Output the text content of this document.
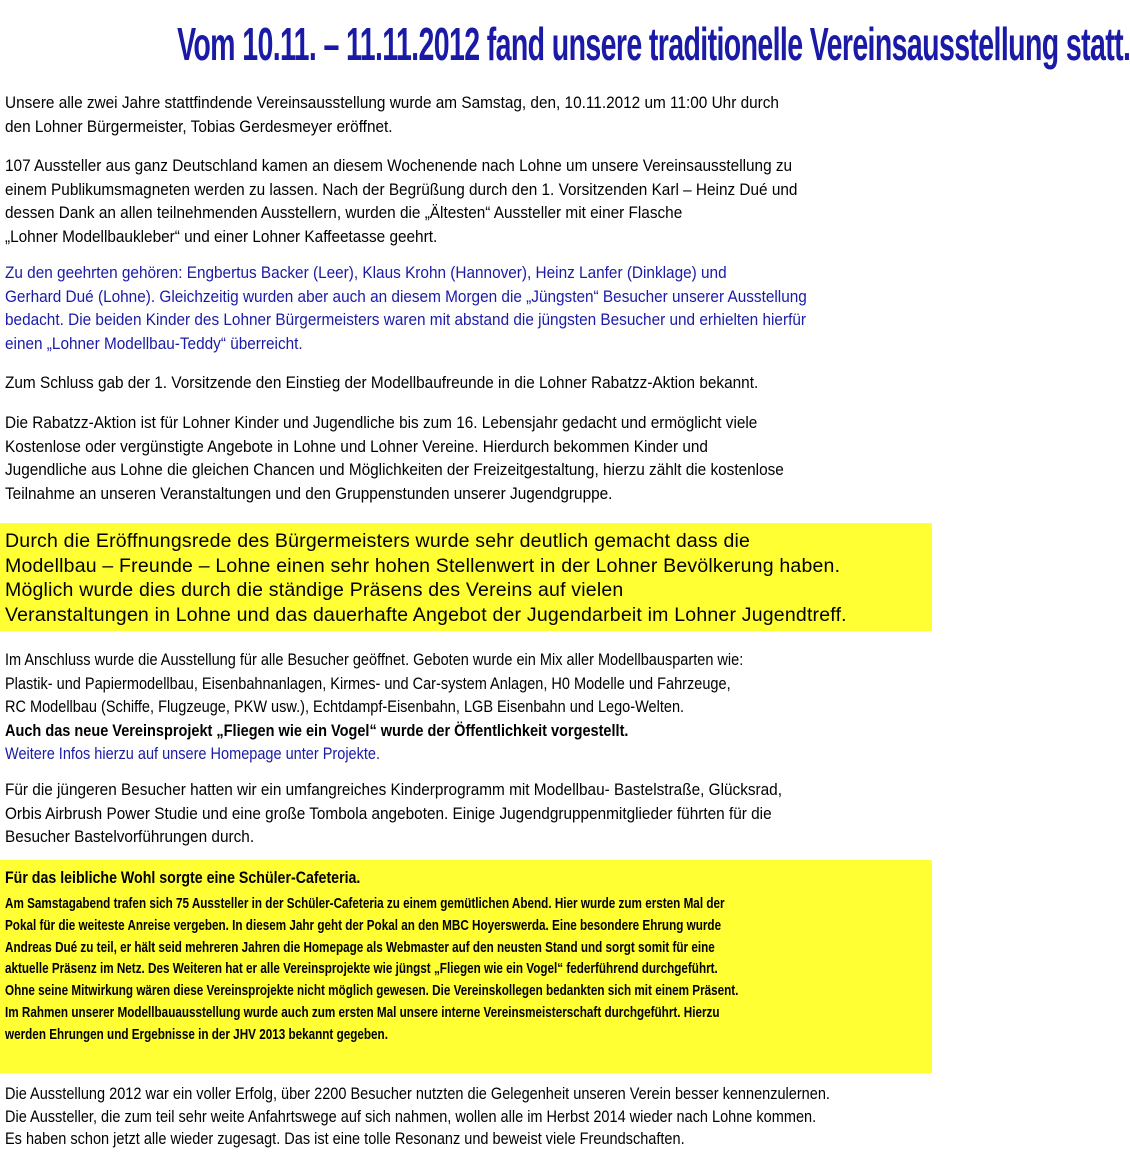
Vom 10.11. – 11.11.2012 fand unsere traditionelle Vereinsausstellung statt.
Unsere alle zwei Jahre stattfindende Vereinsausstellung wurde am Samstag, den, 10.11.2012 um 11:00 Uhr durch
den Lohner Bürgermeister, Tobias Gerdesmeyer eröffnet.
107 Aussteller aus ganz Deutschland kamen an diesem Wochenende nach Lohne um unsere Vereinsausstellung zu
einem Publikumsmagneten werden zu lassen. Nach der Begrüßung durch den 1. Vorsitzenden Karl – Heinz Dué und
dessen Dank an allen teilnehmenden Ausstellern, wurden die „Ältesten“ Aussteller mit einer Flasche
„Lohner Modellbaukleber“ und einer Lohner Kaffeetasse geehrt.
Zu den geehrten gehören: Engbertus Backer (Leer), Klaus Krohn (Hannover), Heinz Lanfer (Dinklage) und
Gerhard Dué (Lohne). Gleichzeitig wurden aber auch an diesem Morgen die „Jüngsten“ Besucher unserer Ausstellung
bedacht. Die beiden Kinder des Lohner Bürgermeisters waren mit abstand die jüngsten Besucher und erhielten hierfür
einen „Lohner Modellbau-Teddy“ überreicht.
Zum Schluss gab der 1. Vorsitzende den Einstieg der Modellbaufreunde in die Lohner Rabatzz-Aktion bekannt.
Die Rabatzz-Aktion ist für Lohner Kinder und Jugendliche bis zum 16. Lebensjahr gedacht und ermöglicht viele
Kostenlose oder vergünstigte Angebote in Lohne und Lohner Vereine. Hierdurch bekommen Kinder und
Jugendliche aus Lohne die gleichen Chancen und Möglichkeiten der Freizeitgestaltung, hierzu zählt die kostenlose
Teilnahme an unseren Veranstaltungen und den Gruppenstunden unserer Jugendgruppe.
Durch die Eröffnungsrede des Bürgermeisters wurde sehr deutlich gemacht dass die
Modellbau – Freunde – Lohne einen sehr hohen Stellenwert in der Lohner Bevölkerung haben.
Möglich wurde dies durch die ständige Präsens des Vereins auf vielen
Veranstaltungen in Lohne und das dauerhafte Angebot der Jugendarbeit im Lohner Jugendtreff.
Im Anschluss wurde die Ausstellung für alle Besucher geöffnet. Geboten wurde ein Mix aller Modellbausparten wie:
Plastik- und Papiermodellbau, Eisenbahnanlagen, Kirmes- und Car-system Anlagen, H0 Modelle und Fahrzeuge,
RC Modellbau (Schiffe, Flugzeuge, PKW usw.), Echtdampf-Eisenbahn, LGB Eisenbahn und Lego-Welten.
Auch das neue Vereinsprojekt „Fliegen wie ein Vogel“ wurde der Öffentlichkeit vorgestellt.
Weitere Infos hierzu auf unsere Homepage unter Projekte.
Für die jüngeren Besucher hatten wir ein umfangreiches Kinderprogramm mit Modellbau- Bastelstraße, Glücksrad,
Orbis Airbrush Power Studie und eine große Tombola angeboten. Einige Jugendgruppenmitglieder führten für die
Besucher Bastelvorführungen durch.
Für das leibliche Wohl sorgte eine Schüler-Cafeteria.
Am Samstagabend trafen sich 75 Aussteller in der Schüler-Cafeteria zu einem gemütlichen Abend. Hier wurde zum ersten Mal der
Pokal für die weiteste Anreise vergeben. In diesem Jahr geht der Pokal an den MBC Hoyerswerda. Eine besondere Ehrung wurde
Andreas Dué zu teil, er hält seid mehreren Jahren die Homepage als Webmaster auf den neusten Stand und sorgt somit für eine
aktuelle Präsenz im Netz. Des Weiteren hat er alle Vereinsprojekte wie jüngst „Fliegen wie ein Vogel“ federführend durchgeführt.
Ohne seine Mitwirkung wären diese Vereinsprojekte nicht möglich gewesen. Die Vereinskollegen bedankten sich mit einem Präsent.
Im Rahmen unserer Modellbauausstellung wurde auch zum ersten Mal unsere interne Vereinsmeisterschaft durchgeführt. Hierzu
werden Ehrungen und Ergebnisse in der JHV 2013 bekannt gegeben.
Die Ausstellung 2012 war ein voller Erfolg, über 2200 Besucher nutzten die Gelegenheit unseren Verein besser kennenzulernen.
Die Aussteller, die zum teil sehr weite Anfahrtswege auf sich nahmen, wollen alle im Herbst 2014 wieder nach Lohne kommen.
Es haben schon jetzt alle wieder zugesagt. Das ist eine tolle Resonanz und beweist viele Freundschaften.
